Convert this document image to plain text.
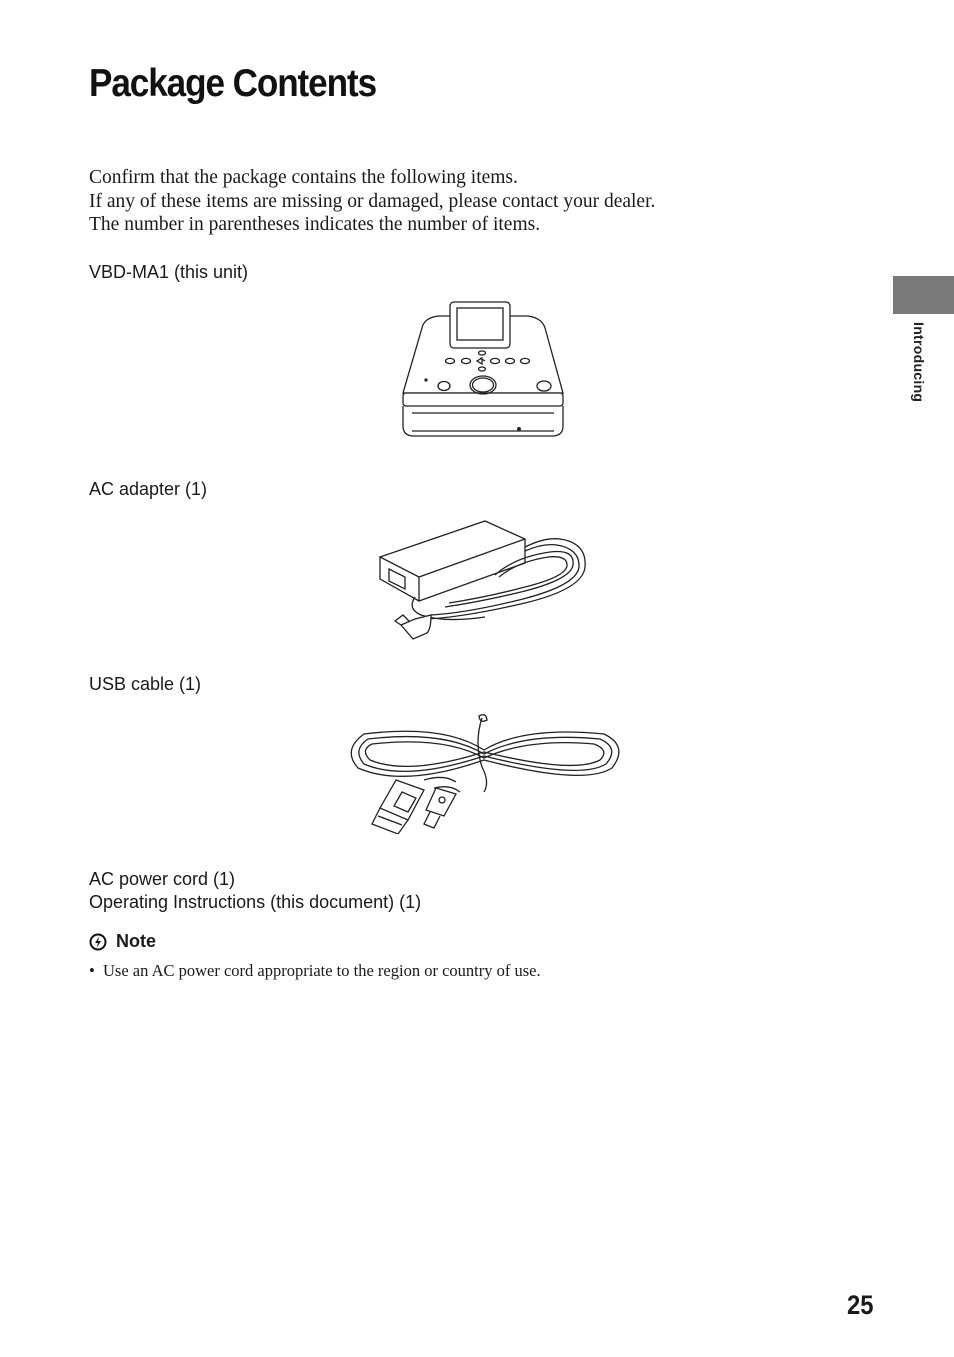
Package Contents
Confirm that the package contains the following items.
If any of these items are missing or damaged, please contact your dealer.
The number in parentheses indicates the number of items.
VBD-MA1 (this unit)
AC adapter (1)
USB cable (1)
AC power cord (1)
Operating Instructions (this document) (1)
Note
• Use an AC power cord appropriate to the region or country of use.
Introducing
25
